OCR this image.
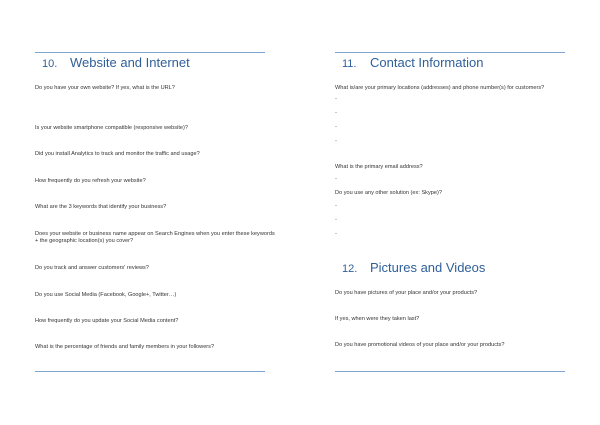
10. Website and Internet
Do you have your own website? If yes, what is the URL?
Is your website smartphone compatible (responsive website)?
Did you install Analytics to track and monitor the traffic and usage?
How frequently do you refresh your website?
What are the 3 keywords that identify your business?
Does your website or business name appear on Search Engines when you enter these keywords
+ the geographic location(s) you cover?
Do you track and answer customers' reviews?
Do you use Social Media (Facebook, Google+, Twitter…)
How frequently do you update your Social Media content?
What is the percentage of friends and family members in your followers?
11. Contact Information
What is/are your primary locations (addresses) and phone number(s) for customers?
-
-
-
-
What is the primary email address?
-
Do you use any other solution (ex: Skype)?
-
-
-
12. Pictures and Videos
Do you have pictures of your place and/or your products?
If yes, when were they taken last?
Do you have promotional videos of your place and/or your products?
